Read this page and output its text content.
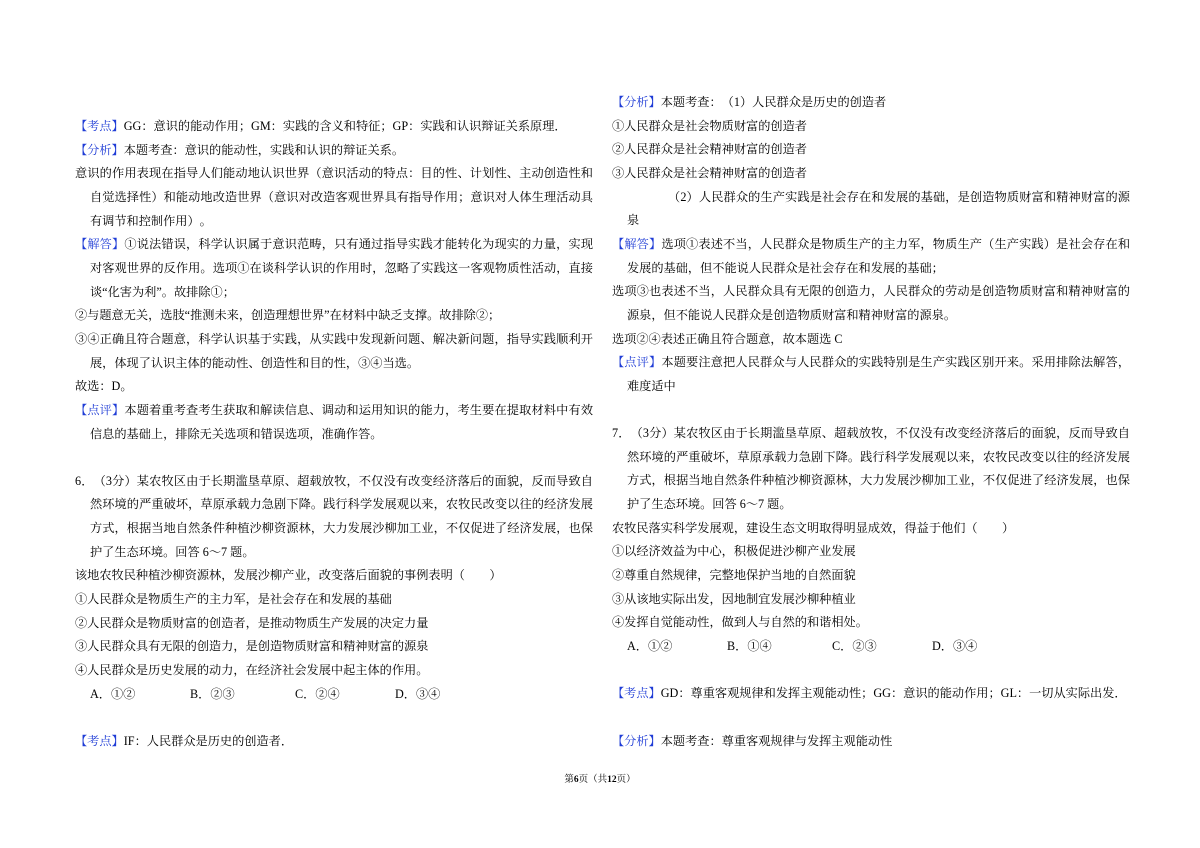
【考点】GG：意识的能动作用；GM：实践的含义和特征；GP：实践和认识辩证关系原理．

【分析】本题考查：意识的能动性，实践和认识的辩证关系。

意识的作用表现在指导人们能动地认识世界（意识活动的特点：目的性、计划性、主动创造性和自觉选择性）和能动地改造世界（意识对改造客观世界具有指导作用；意识对人体生理活动具有调节和控制作用）。

【解答】①说法错误，科学认识属于意识范畴，只有通过指导实践才能转化为现实的力量，实现对客观世界的反作用。选项①在谈科学认识的作用时，忽略了实践这一客观物质性活动，直接谈“化害为利”。故排除①；

②与题意无关，选肢“推测未来，创造理想世界”在材料中缺乏支撑。故排除②；

③④正确且符合题意，科学认识基于实践，从实践中发现新问题、解决新问题，指导实践顺利开展，体现了认识主体的能动性、创造性和目的性，③④当选。

故选：D。

【点评】本题着重考查考生获取和解读信息、调动和运用知识的能力，考生要在提取材料中有效信息的基础上，排除无关选项和错误选项，准确作答。

6．（3分）某农牧区由于长期滥垦草原、超载放牧，不仅没有改变经济落后的面貌，反而导致自然环境的严重破坏，草原承载力急剧下降。践行科学发展观以来，农牧民改变以往的经济发展方式，根据当地自然条件种植沙柳资源林，大力发展沙柳加工业，不仅促进了经济发展，也保护了生态环境。回答 6～7 题。

该地农牧民种植沙柳资源林，发展沙柳产业，改变落后面貌的事例表明（　　）

①人民群众是物质生产的主力军，是社会存在和发展的基础

②人民群众是物质财富的创造者，是推动物质生产发展的决定力量

③人民群众具有无限的创造力，是创造物质财富和精神财富的源泉

④人民群众是历史发展的动力，在经济社会发展中起主体的作用。

A．①②	B．②③	C．②④	D．③④

【考点】IF：人民群众是历史的创造者．

【分析】本题考查：（1）人民群众是历史的创造者

①人民群众是社会物质财富的创造者

②人民群众是社会精神财富的创造者

③人民群众是社会精神财富的创造者

（2）人民群众的生产实践是社会存在和发展的基础，是创造物质财富和精神财富的源泉

【解答】选项①表述不当，人民群众是物质生产的主力军，物质生产（生产实践）是社会存在和发展的基础，但不能说人民群众是社会存在和发展的基础；

选项③也表述不当，人民群众具有无限的创造力，人民群众的劳动是创造物质财富和精神财富的源泉，但不能说人民群众是创造物质财富和精神财富的源泉。

选项②④表述正确且符合题意，故本题选 C

【点评】本题要注意把人民群众与人民群众的实践特别是生产实践区别开来。采用排除法解答，难度适中

7．（3分）某农牧区由于长期滥垦草原、超载放牧，不仅没有改变经济落后的面貌，反而导致自然环境的严重破坏，草原承载力急剧下降。践行科学发展观以来，农牧民改变以往的经济发展方式，根据当地自然条件种植沙柳资源林，大力发展沙柳加工业，不仅促进了经济发展，也保护了生态环境。回答 6～7 题。

农牧民落实科学发展观，建设生态文明取得明显成效，得益于他们（　　）

①以经济效益为中心，积极促进沙柳产业发展

②尊重自然规律，完整地保护当地的自然面貌

③从该地实际出发，因地制宜发展沙柳种植业

④发挥自觉能动性，做到人与自然的和谐相处。

A．①②	B．①④	C．②③	D．③④

【考点】GD：尊重客观规律和发挥主观能动性；GG：意识的能动作用；GL：一切从实际出发．

【分析】本题考查：尊重客观规律与发挥主观能动性

第6页（共12页）
